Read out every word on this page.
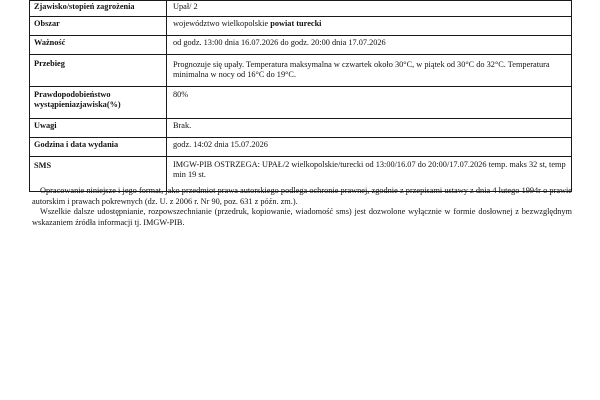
Zjawisko/stopień zagrożenia	Upał/ 2
Obszar	województwo wielkopolskie powiat turecki
Ważność	od godz. 13:00 dnia 16.07.2026 do godz. 20:00 dnia 17.07.2026
Przebieg	Prognozuje się upały. Temperatura maksymalna w czwartek około 30°C, w piątek od 30°C do 32°C. Temperatura minimalna w nocy od 16°C do 19°C.
Prawdopodobieństwo wystąpieniazjawiska(%)	80%
Uwagi	Brak.
Godzina i data wydania	godz. 14:02 dnia 15.07.2026
SMS	IMGW-PIB OSTRZEGA: UPAŁ/2 wielkopolskie/turecki od 13:00/16.07 do 20:00/17.07.2026 temp. maks 32 st, temp min 19 st.

Opracowanie niniejsze i jego format, jako przedmiot prawa autorskiego podlega ochronie prawnej, zgodnie z przepisami ustawy z dnia 4 lutego 1994r o prawie autorskim i prawach pokrewnych (dz. U. z 2006 r. Nr 90, poz. 631 z późn. zm.).

Wszelkie dalsze udostępnianie, rozpowszechnianie (przedruk, kopiowanie, wiadomość sms) jest dozwolone wyłącznie w formie dosłownej z bezwzględnym wskazaniem źródła informacji tj. IMGW-PIB.
